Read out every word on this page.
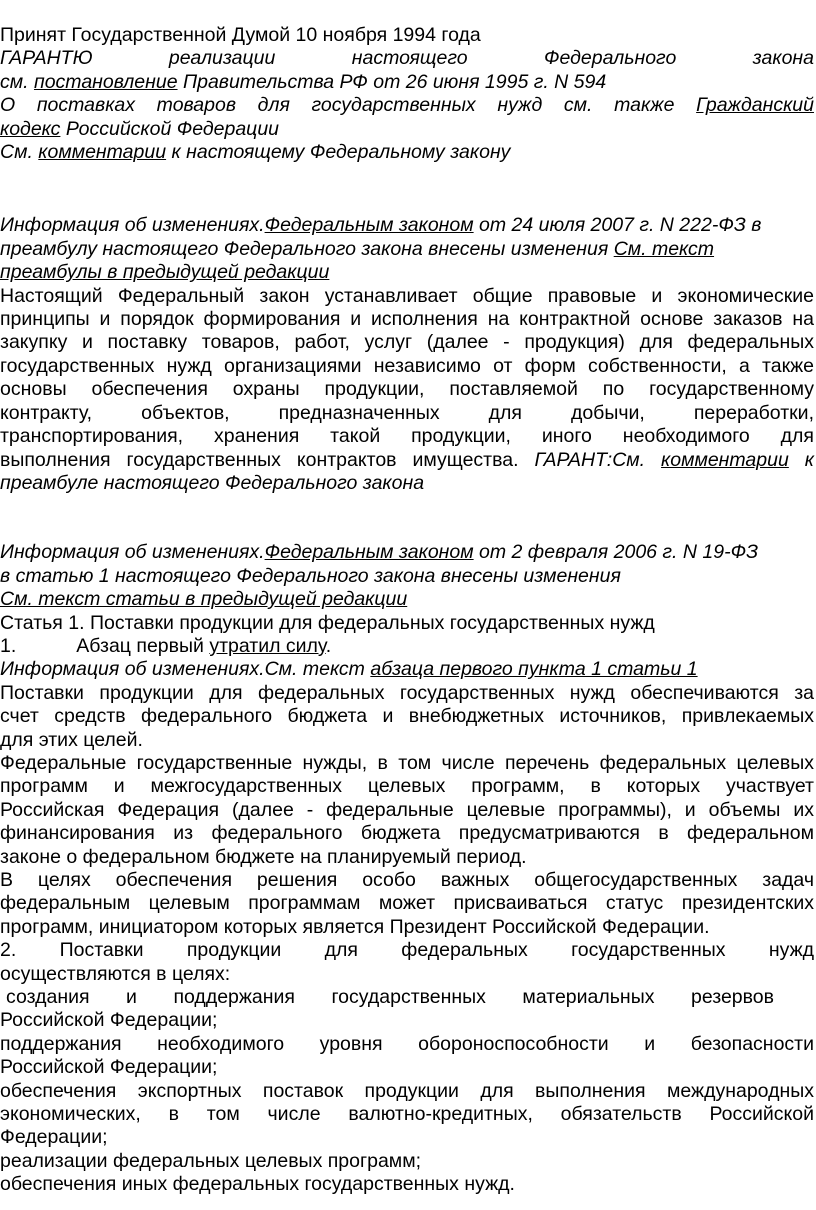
Принят Государственной Думой 10 ноября 1994 года
ГАРАНТЮ	реализации	настоящего	Федерального	закона
см. постановление Правительства РФ от 26 июня 1995 г. N 594
О поставках товаров для государственных нужд см. также Гражданский
кодекс Российской Федерации
См. комментарии к настоящему Федеральному закону
Информация об изменениях.Федеральным законом от 24 июля 2007 г. N 222-ФЗ в
преамбулу настоящего Федерального закона внесены изменения См. текст
преамбулы в предыдущей редакции
Настоящий Федеральный закон устанавливает общие правовые и экономические
принципы и порядок формирования и исполнения на контрактной основе заказов на
закупку и поставку товаров, работ, услуг (далее - продукция) для федеральных
государственных нужд организациями независимо от форм собственности, а также
основы обеспечения охраны продукции, поставляемой по государственному
контракту, объектов, предназначенных для добычи, переработки,
транспортирования, хранения такой продукции, иного необходимого для
выполнения государственных контрактов имущества. ГАРАНТ:См. комментарии к
преамбуле настоящего Федерального закона
Информация об изменениях.Федеральным законом от 2 февраля 2006 г. N 19-ФЗ
в статью 1 настоящего Федерального закона внесены изменения
См. текст статьи в предыдущей редакции
Статья 1. Поставки продукции для федеральных государственных нужд
1.	Абзац первый утратил силу.
Информация об изменениях.См. текст абзаца первого пункта 1 статьи 1
Поставки продукции для федеральных государственных нужд обеспечиваются за
счет средств федерального бюджета и внебюджетных источников, привлекаемых
для этих целей.
Федеральные государственные нужды, в том числе перечень федеральных целевых
программ и межгосударственных целевых программ, в которых участвует
Российская Федерация (далее - федеральные целевые программы), и объемы их
финансирования из федерального бюджета предусматриваются в федеральном
законе о федеральном бюджете на планируемый период.
В целях обеспечения решения особо важных общегосударственных задач
федеральным целевым программам может присваиваться статус президентских
программ, инициатором которых является Президент Российской Федерации.
2. Поставки продукции для федеральных государственных нужд
осуществляются в целях:
создания и поддержания государственных материальных резервов
Российской Федерации;
поддержания необходимого уровня обороноспособности и безопасности
Российской Федерации;
обеспечения экспортных поставок продукции для выполнения международных
экономических, в том числе валютно-кредитных, обязательств Российской
Федерации;
реализации федеральных целевых программ;
обеспечения иных федеральных государственных нужд.
